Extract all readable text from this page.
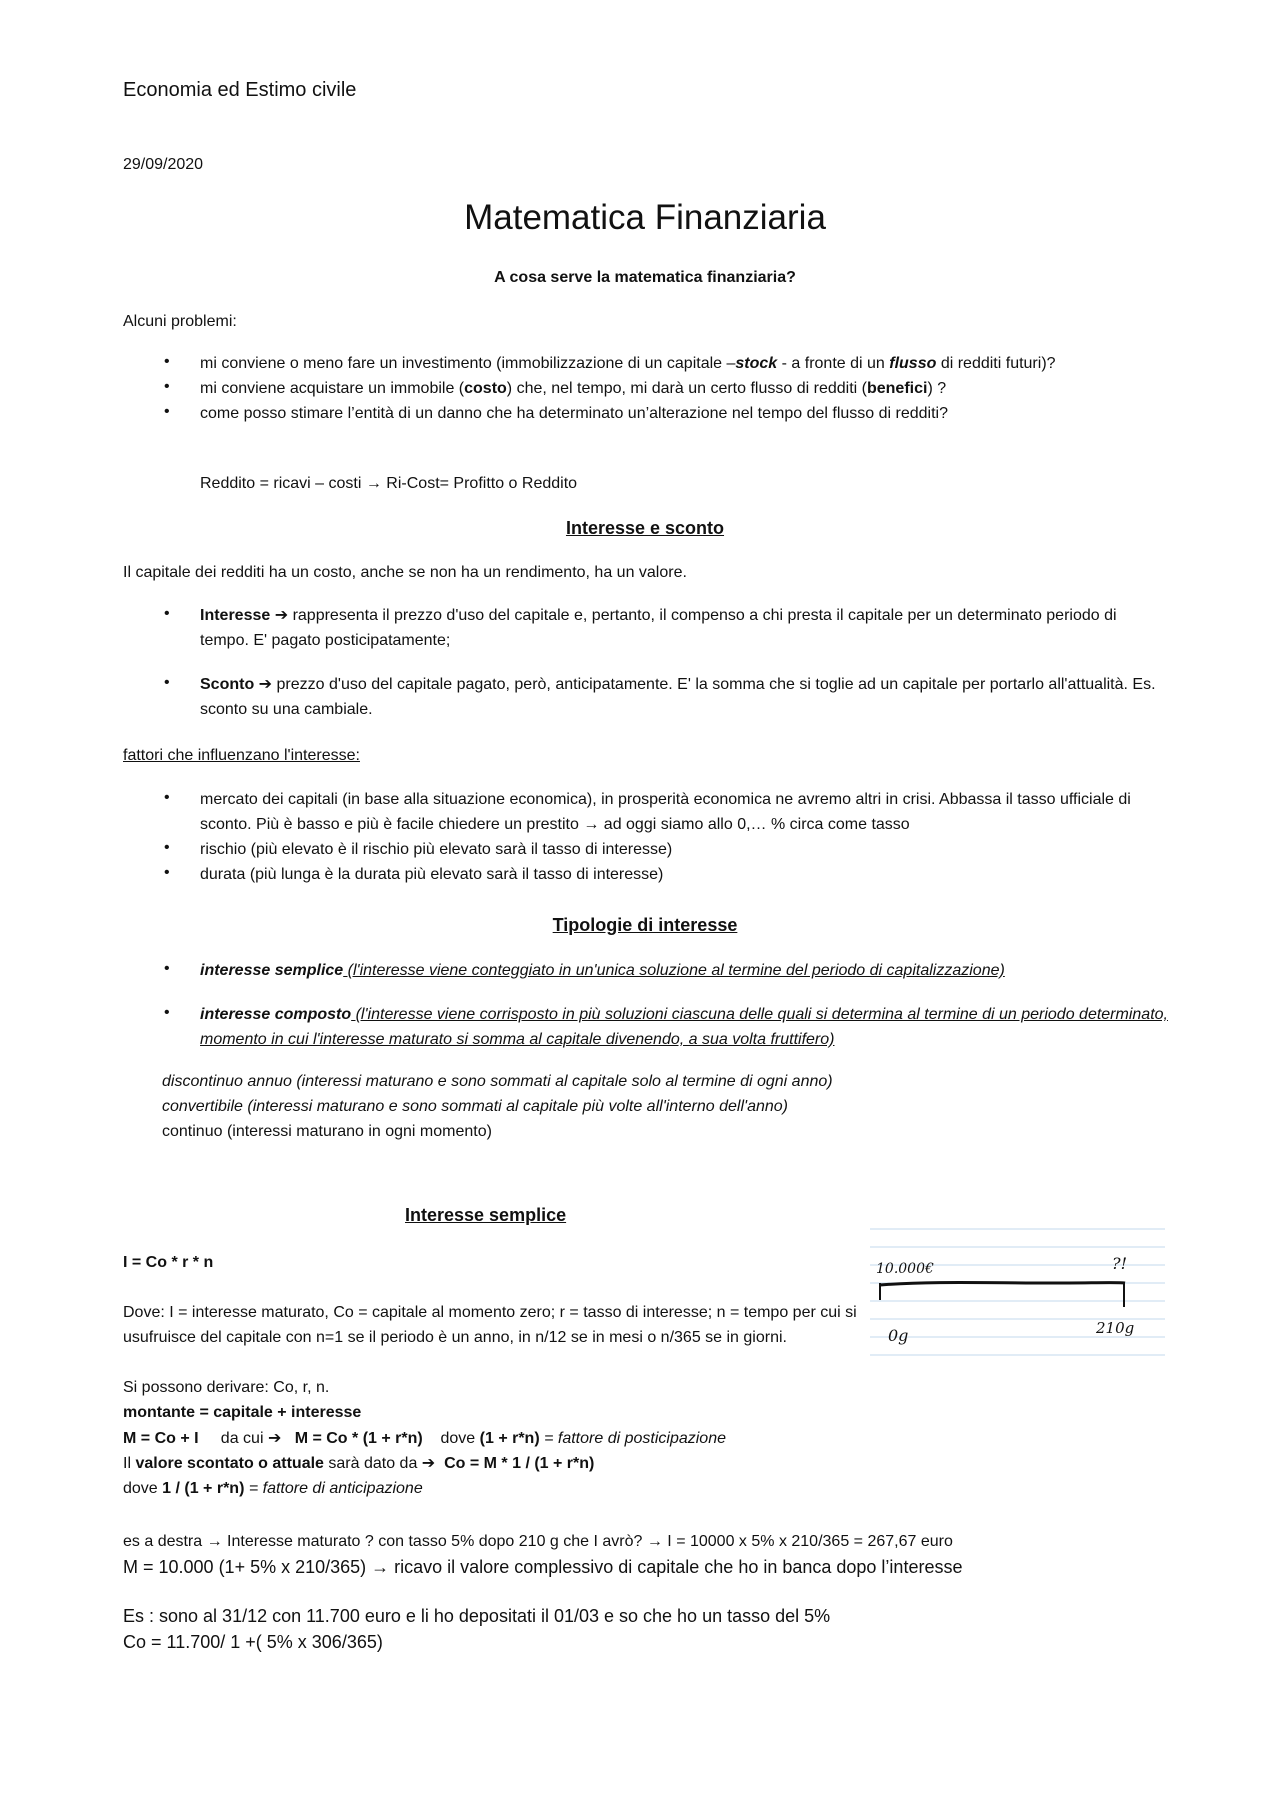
Economia ed Estimo civile
29/09/2020
Matematica Finanziaria
A cosa serve la matematica finanziaria?
Alcuni problemi:
• mi conviene o meno fare un investimento (immobilizzazione di un capitale –stock - a fronte di un flusso di redditi futuri)?
• mi conviene acquistare un immobile (costo) che, nel tempo, mi darà un certo flusso di redditi (benefici) ?
• come posso stimare l’entità di un danno che ha determinato un’alterazione nel tempo del flusso di redditi?
Reddito = ricavi – costi → Ri-Cost= Profitto o Reddito
Interesse e sconto
Il capitale dei redditi ha un costo, anche se non ha un rendimento, ha un valore.
• Interesse ➔ rappresenta il prezzo d'uso del capitale e, pertanto, il compenso a chi presta il capitale per un determinato periodo di tempo. E' pagato posticipatamente;
• Sconto ➔ prezzo d'uso del capitale pagato, però, anticipatamente. E' la somma che si toglie ad un capitale per portarlo all'attualità. Es. sconto su una cambiale.
fattori che influenzano l'interesse:
• mercato dei capitali (in base alla situazione economica), in prosperità economica ne avremo altri in crisi. Abbassa il tasso ufficiale di sconto. Più è basso e più è facile chiedere un prestito → ad oggi siamo allo 0,… % circa come tasso
• rischio (più elevato è il rischio più elevato sarà il tasso di interesse)
• durata (più lunga è la durata più elevato sarà il tasso di interesse)
Tipologie di interesse
• interesse semplice (l'interesse viene conteggiato in un'unica soluzione al termine del periodo di capitalizzazione)
• interesse composto (l'interesse viene corrisposto in più soluzioni ciascuna delle quali si determina al termine di un periodo determinato, momento in cui l'interesse maturato si somma al capitale divenendo, a sua volta fruttifero)
discontinuo annuo (interessi maturano e sono sommati al capitale solo al termine di ogni anno)
convertibile (interessi maturano e sono sommati al capitale più volte all'interno dell'anno)
continuo (interessi maturano in ogni momento)
Interesse semplice
I = Co * r * n
Dove: I = interesse maturato, Co = capitale al momento zero; r = tasso di interesse; n = tempo per cui si usufruisce del capitale con n=1 se il periodo è un anno, in n/12 se in mesi o n/365 se in giorni.
Si possono derivare: Co, r, n.
montante = capitale + interesse
M = Co + I     da cui ➔   M = Co * (1 + r*n)    dove (1 + r*n) = fattore di posticipazione
Il valore scontato o attuale sarà dato da ➔  Co = M * 1 / (1 + r*n)
dove 1 / (1 + r*n) = fattore di anticipazione
es a destra → Interesse maturato ? con tasso 5% dopo 210 g che I avrò? → I = 10000 x 5% x 210/365 = 267,67 euro
M = 10.000 (1+ 5% x 210/365) → ricavo il valore complessivo di capitale che ho in banca dopo l’interesse
Es : sono al 31/12 con 11.700 euro e li ho depositati il 01/03 e so che ho un tasso del 5%
Co = 11.700/ 1 +( 5% x 306/365)
10.000€	?!
0g	210g
